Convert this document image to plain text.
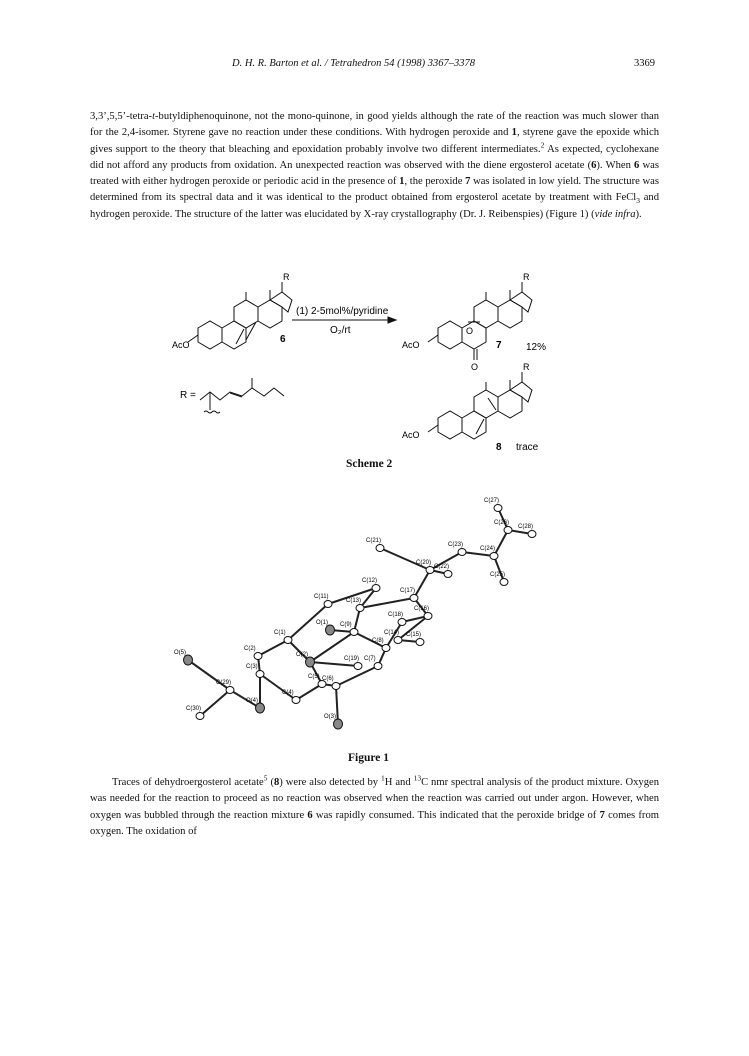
D. H. R. Barton et al. / Tetrahedron 54 (1998) 3367–3378	3369

3,3’,5,5’-tetra-t-butyldiphenoquinone, not the mono-quinone, in good yields although the rate of the reaction was much slower than for the 2,4-isomer. Styrene gave no reaction under these conditions. With hydrogen peroxide and 1, styrene gave the epoxide which gives support to the theory that bleaching and epoxidation probably involve two different intermediates.$^2$ As expected, cyclohexane did not afford any products from oxidation. An unexpected reaction was observed with the diene ergosterol acetate (6). When 6 was treated with either hydrogen peroxide or periodic acid in the presence of 1, the peroxide 7 was isolated in low yield. The structure was determined from its spectral data and it was identical to the product obtained from ergosterol acetate by treatment with FeCl$_3$ and hydrogen peroxide. The structure of the latter was elucidated by X-ray crystallography (Dr. J. Reibenspies) (Figure 1) (vide infra).

R
(1) 2-5mol%/pyridine
O₂/rt
AcO	6
R
AcO
O
O
7 12%
R =
R
AcO
8 trace
Scheme 2
C(27)
C(26)
C(28)
C(21)
C(23)
C(24)
C(20)
C(22)
C(25)
C(12)
C(17)
C(11)
C(13)
C(16)
C(18)
O(1) C(9)
C(14) C(15)
C(1)
C(8)
O(5)
C(2)
O(2)
C(19) C(7)
C(3)
C(29)
C(5) C(6)
C(4)
O(4)
C(30)
O(3)
Figure 1

Traces of dehydroergosterol acetate$^5$ (8) were also detected by $^1$H and $^{13}$C nmr spectral analysis of the product mixture. Oxygen was needed for the reaction to proceed as no reaction was observed when the reaction was carried out under argon. However, when oxygen was bubbled through the reaction mixture 6 was rapidly consumed. This indicated that the peroxide bridge of 7 comes from oxygen. The oxidation of
